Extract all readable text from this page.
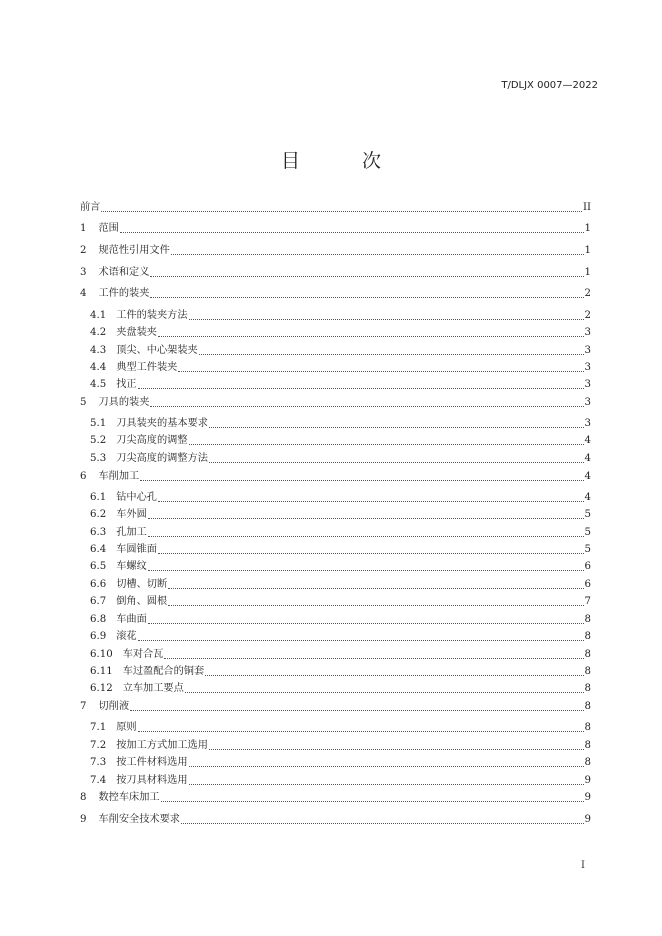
T/DLJX 0007—2022
目 次
前言	II
1 范围	1
2 规范性引用文件	1
3 术语和定义	1
4 工件的装夹	2
4.1 工件的装夹方法	2
4.2 夹盘装夹	3
4.3 顶尖、中心架装夹	3
4.4 典型工件装夹	3
4.5 找正	3
5 刀具的装夹	3
5.1 刀具装夹的基本要求	3
5.2 刀尖高度的调整	4
5.3 刀尖高度的调整方法	4
6 车削加工	4
6.1 钻中心孔	4
6.2 车外圆	5
6.3 孔加工	5
6.4 车圆锥面	5
6.5 车螺纹	6
6.6 切槽、切断	6
6.7 倒角、圆根	7
6.8 车曲面	8
6.9 滚花	8
6.10 车对合瓦	8
6.11 车过盈配合的铜套	8
6.12 立车加工要点	8
7 切削液	8
7.1 原则	8
7.2 按加工方式加工选用	8
7.3 按工件材料选用	8
7.4 按刀具材料选用	9
8 数控车床加工	9
9 车削安全技术要求	9
I
